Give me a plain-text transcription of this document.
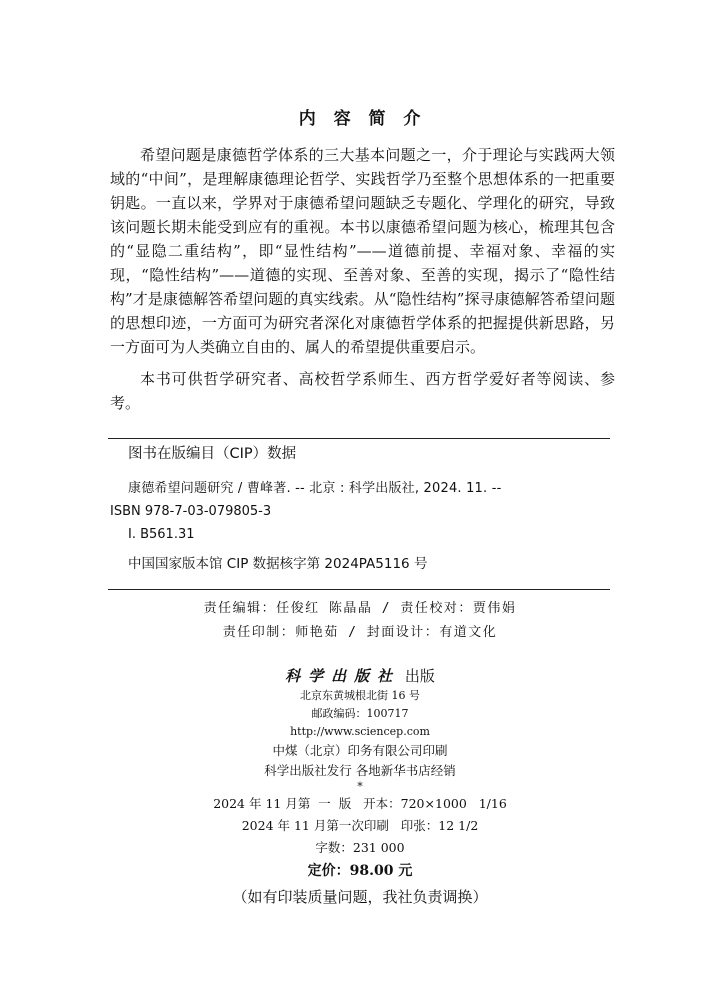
内容简介

希望问题是康德哲学体系的三大基本问题之一，介于理论与实践两大领域的“中间”，是理解康德理论哲学、实践哲学乃至整个思想体系的一把重要钥匙。一直以来，学界对于康德希望问题缺乏专题化、学理化的研究，导致该问题长期未能受到应有的重视。本书以康德希望问题为核心，梳理其包含的“显隐二重结构”，即“显性结构”——道德前提、幸福对象、幸福的实现，“隐性结构”——道德的实现、至善对象、至善的实现，揭示了“隐性结构”才是康德解答希望问题的真实线索。从“隐性结构”探寻康德解答希望问题的思想印迹，一方面可为研究者深化对康德哲学体系的把握提供新思路，另一方面可为人类确立自由的、属人的希望提供重要启示。

本书可供哲学研究者、高校哲学系师生、西方哲学爱好者等阅读、参考。

图书在版编目（CIP）数据
康德希望问题研究 / 曹峰著. -- 北京 : 科学出版社, 2024. 11. --
ISBN 978-7-03-079805-3
Ⅰ. B561.31
中国国家版本馆 CIP 数据核字第 2024PA5116 号
责任编辑：任俊红 陈晶晶 / 责任校对：贾伟娟
责任印制：师艳茹 / 封面设计：有道文化
科学出版社 出版
北京东黄城根北街 16 号
邮政编码：100717
http://www.sciencep.com
中煤（北京）印务有限公司印刷
科学出版社发行 各地新华书店经销
*
2024 年 11 月第  一  版   开本：720×1000   1/16
2024 年 11 月第一次印刷   印张：12 1/2
字数：231 000
定价：98.00 元
（如有印装质量问题，我社负责调换）
